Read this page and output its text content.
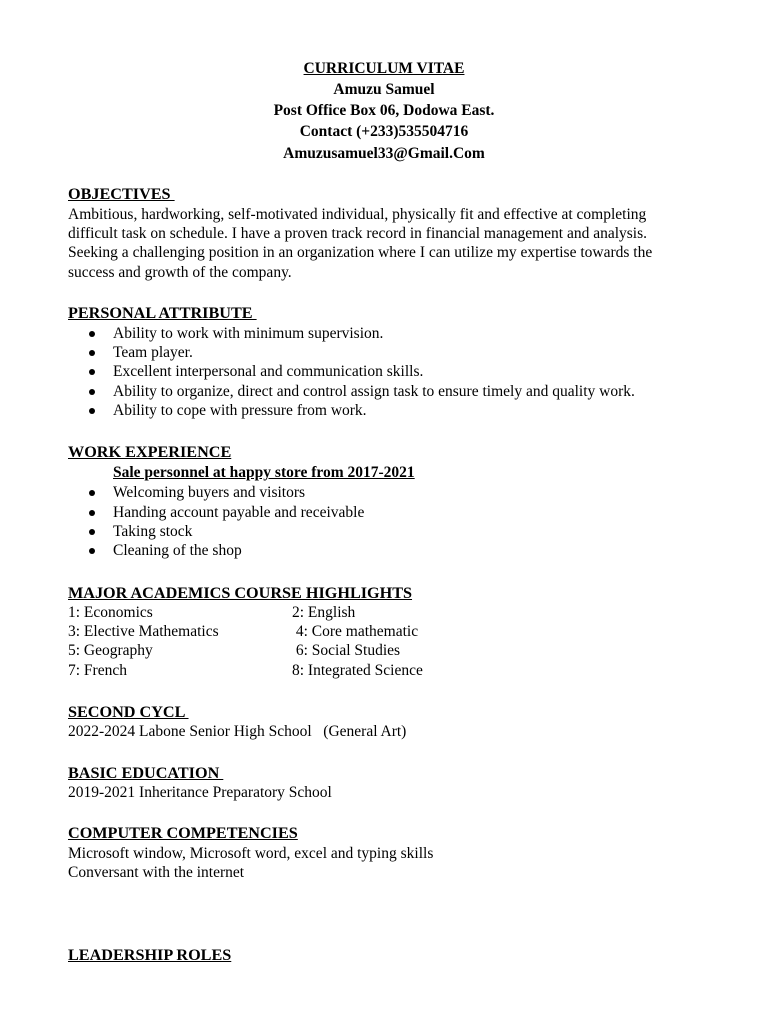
CURRICULUM VITAE
Amuzu Samuel
Post Office Box 06, Dodowa East.
Contact (+233)535504716
Amuzusamuel33@Gmail.Com
OBJECTIVES
Ambitious, hardworking, self-motivated individual, physically fit and effective at completing
difficult task on schedule. I have a proven track record in financial management and analysis.
Seeking a challenging position in an organization where I can utilize my expertise towards the
success and growth of the company.
PERSONAL ATTRIBUTE
Ability to work with minimum supervision.
Team player.
Excellent interpersonal and communication skills.
Ability to organize, direct and control assign task to ensure timely and quality work.
Ability to cope with pressure from work.
WORK EXPERIENCE
Sale personnel at happy store from 2017-2021
Welcoming buyers and visitors
Handing account payable and receivable
Taking stock
Cleaning of the shop
MAJOR ACADEMICS COURSE HIGHLIGHTS
1: Economics	2: English
3: Elective Mathematics	4: Core mathematic
5: Geography	6: Social Studies
7: French	8: Integrated Science
SECOND CYCL
2022-2024 Labone Senior High School   (General Art)
BASIC EDUCATION
2019-2021 Inheritance Preparatory School
COMPUTER COMPETENCIES
Microsoft window, Microsoft word, excel and typing skills
Conversant with the internet
LEADERSHIP ROLES
